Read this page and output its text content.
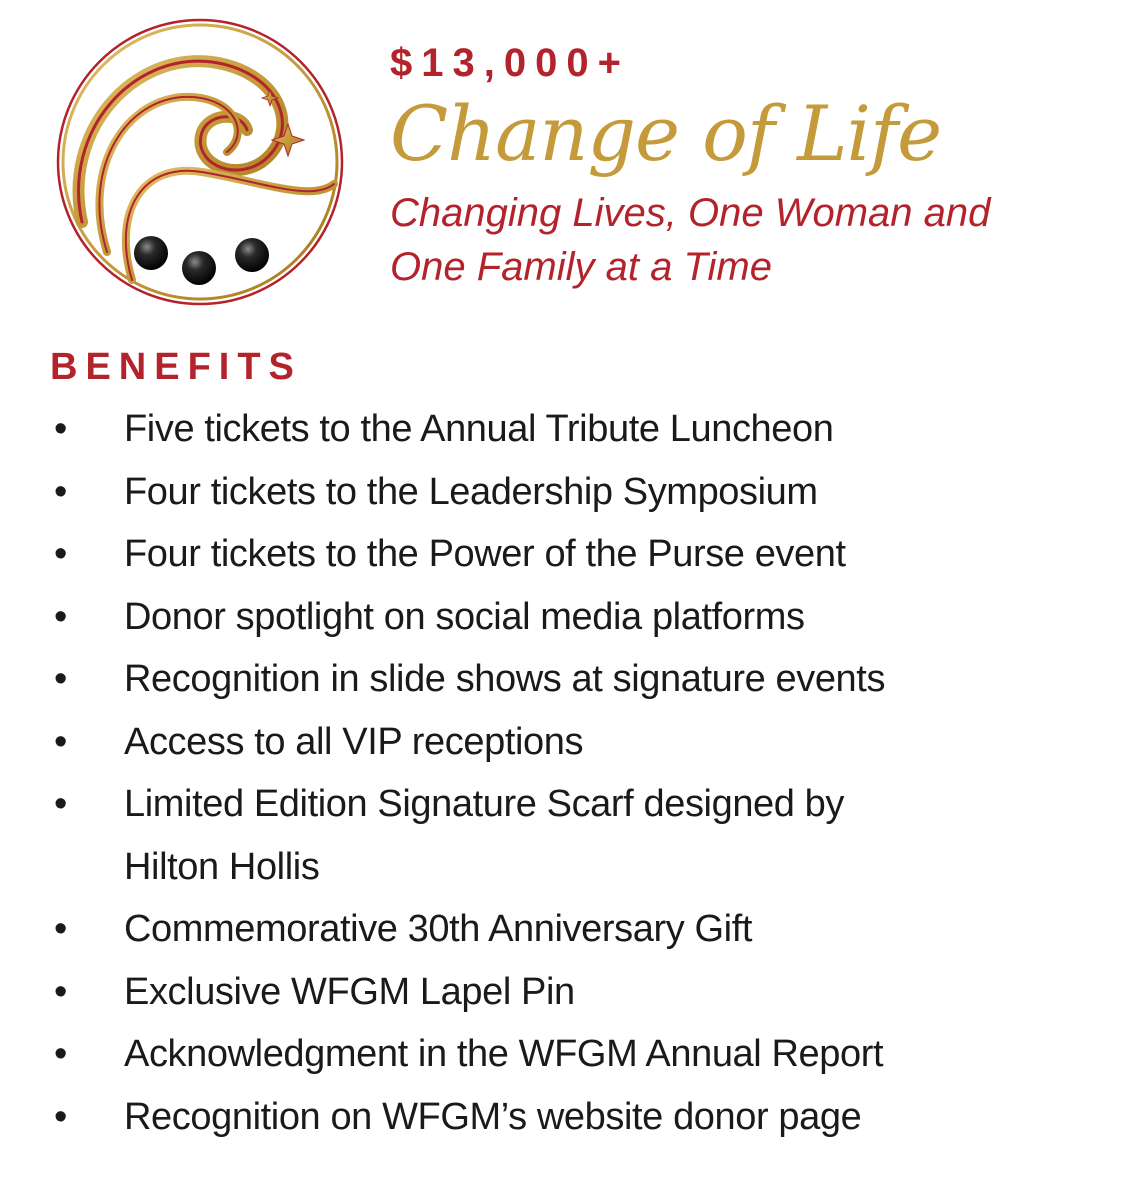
$13,000+

Change of Life

Changing Lives, One Woman and One Family at a Time

BENEFITS
•	Five tickets to the Annual Tribute Luncheon
•	Four tickets to the Leadership Symposium
•	Four tickets to the Power of the Purse event
•	Donor spotlight on social media platforms
•	Recognition in slide shows at signature events
•	Access to all VIP receptions
•	Limited Edition Signature Scarf designed by Hilton Hollis
•	Commemorative 30th Anniversary Gift
•	Exclusive WFGM Lapel Pin
•	Acknowledgment in the WFGM Annual Report
•	Recognition on WFGM’s website donor page
